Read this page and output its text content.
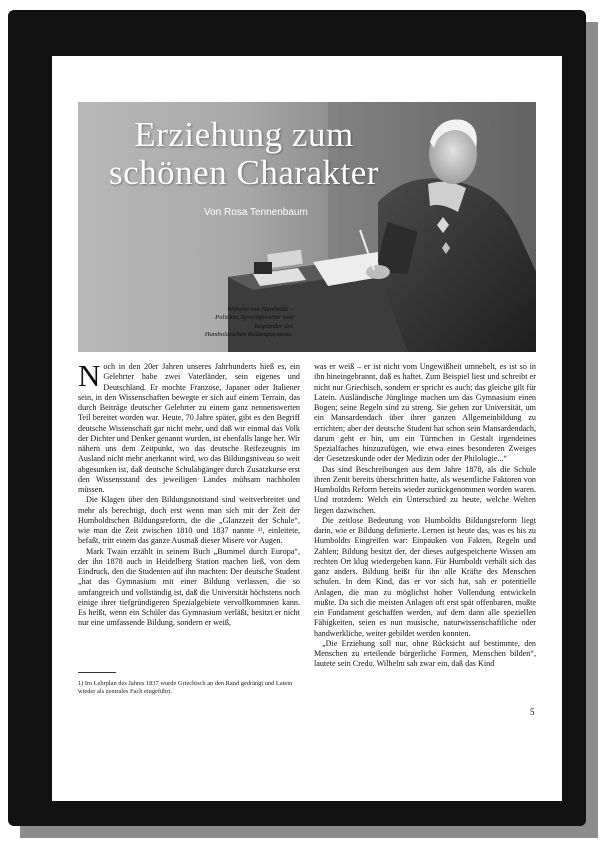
Erziehung zum
schönen Charakter
Von Rosa Tennenbaum
Wilhelm von Humboldt –
Politiker, Sprachforscher und
Begründer des
Humboldtschen Bildungssystems.

Noch in den 20er Jahren unseres Jahrhunderts hieß es, ein Gelehrter habe zwei Vaterländer, sein eigenes und Deutschland. Er mochte Franzose, Japaner oder Italiener sein, in den Wissenschaften bewegte er sich auf einem Terrain, das durch Beiträge deutscher Gelehrter zu einem ganz nennenswerten Teil bereitet worden war. Heute, 70 Jahre später, gibt es den Begriff deutsche Wissenschaft gar nicht mehr, und daß wir einmal das Volk der Dichter und Denker genannt wurden, ist ebenfalls lange her. Wir nähern uns dem Zeitpunkt, wo das deutsche Reifezeugnis im Ausland nicht mehr anerkannt wird, wo das Bildungsniveau so weit abgesunken ist, daß deutsche Schulabgänger durch Zusatzkurse erst den Wissensstand des jeweiligen Landes mühsam nachholen müssen.

Die Klagen über den Bildungsnotstand sind weitverbreitet und mehr als berechtigt, doch erst wenn man sich mit der Zeit der Humboldtschen Bildungsreform, die die „Glanzzeit der Schule“, wie man die Zeit zwischen 1810 und 1837 nannte ¹⁾, einleitete, befaßt, tritt einem das ganze Ausmaß dieser Misere vor Augen.

Mark Twain erzählt in seinem Buch „Bummel durch Europa“, der ihn 1878 auch in Heidelberg Station machen ließ, von dem Eindruck, den die Studenten auf ihn machten: Der deutsche Student „hat das Gymnasium mit einer Bildung verlassen, die so umfangreich und vollständig ist, daß die Universität höchstens noch einige ihrer tiefgründigeren Spezialgebiete vervollkommnen kann. Es heißt, wenn ein Schüler das Gymnasium verläßt, besitzt er nicht nur eine umfassende Bildung, sondern er weiß,

was er weiß – er ist nicht vom Ungewißheit umnebelt, es ist so in ihn hineingebrannt, daß es haftet. Zum Beispiel liest und schreibt er nicht nur Griechisch, sondern er spricht es auch; das gleiche gilt für Latein. Ausländische Jünglinge machen um das Gymnasium einen Bogen; seine Regeln sind zu streng. Sie gehen zur Universität, um ein Mansardendach über ihrer ganzen Allgemeinbildung zu errichten; aber der deutsche Student hat schon sein Mansardendach, darum geht er hin, um ein Türmchen in Gestalt irgendeines Spezialfaches hinzuzufügen, wie etwa eines besonderen Zweiges der Gesetzeskunde oder der Medizin oder der Philologie...“

Das sind Beschreibungen aus dem Jahre 1878, als die Schule ihren Zenit bereits überschritten hatte, als wesentliche Faktoren von Humboldts Reform bereits wieder zurückgenommen worden waren. Und trotzdem: Welch ein Unterschied zu heute, welche Welten liegen dazwischen.

Die zeitlose Bedeutung von Humboldts Bildungsreform liegt darin, wie er Bildung definierte. Lernen ist heute das, was es bis zu Humboldts Eingreifen war: Einpauken von Fakten, Regeln und Zahlen; Bildung besitzt der, der dieses aufgespeicherte Wissen am rechten Ort klug wiedergeben kann. Für Humboldt verhält sich das ganz anders. Bildung heißt für ihn alle Kräfte des Menschen schulen. In dem Kind, das er vor sich hat, sah er potentielle Anlagen, die man zu möglichst hoher Vollendung entwickeln mußte. Da sich die meisten Anlagen oft erst spät offenbaren, mußte ein Fundament geschaffen werden, auf dem dann alle speziellen Fähigkeiten, seien es nun musische, naturwissenschaftliche oder handwerkliche, weiter gebildet werden konnten.

„Die Erziehung soll nur, ohne Rücksicht auf bestimmte, den Menschen zu erteilende bürgerliche Formen, Menschen bilden“, lautete sein Credo. Wilhelm sah zwar ein, daß das Kind

1) Im Lehrplan des Jahres 1837 wurde Griechisch an den Rand gedrängt und Latein wieder als zentrales Fach eingeführt.
5
